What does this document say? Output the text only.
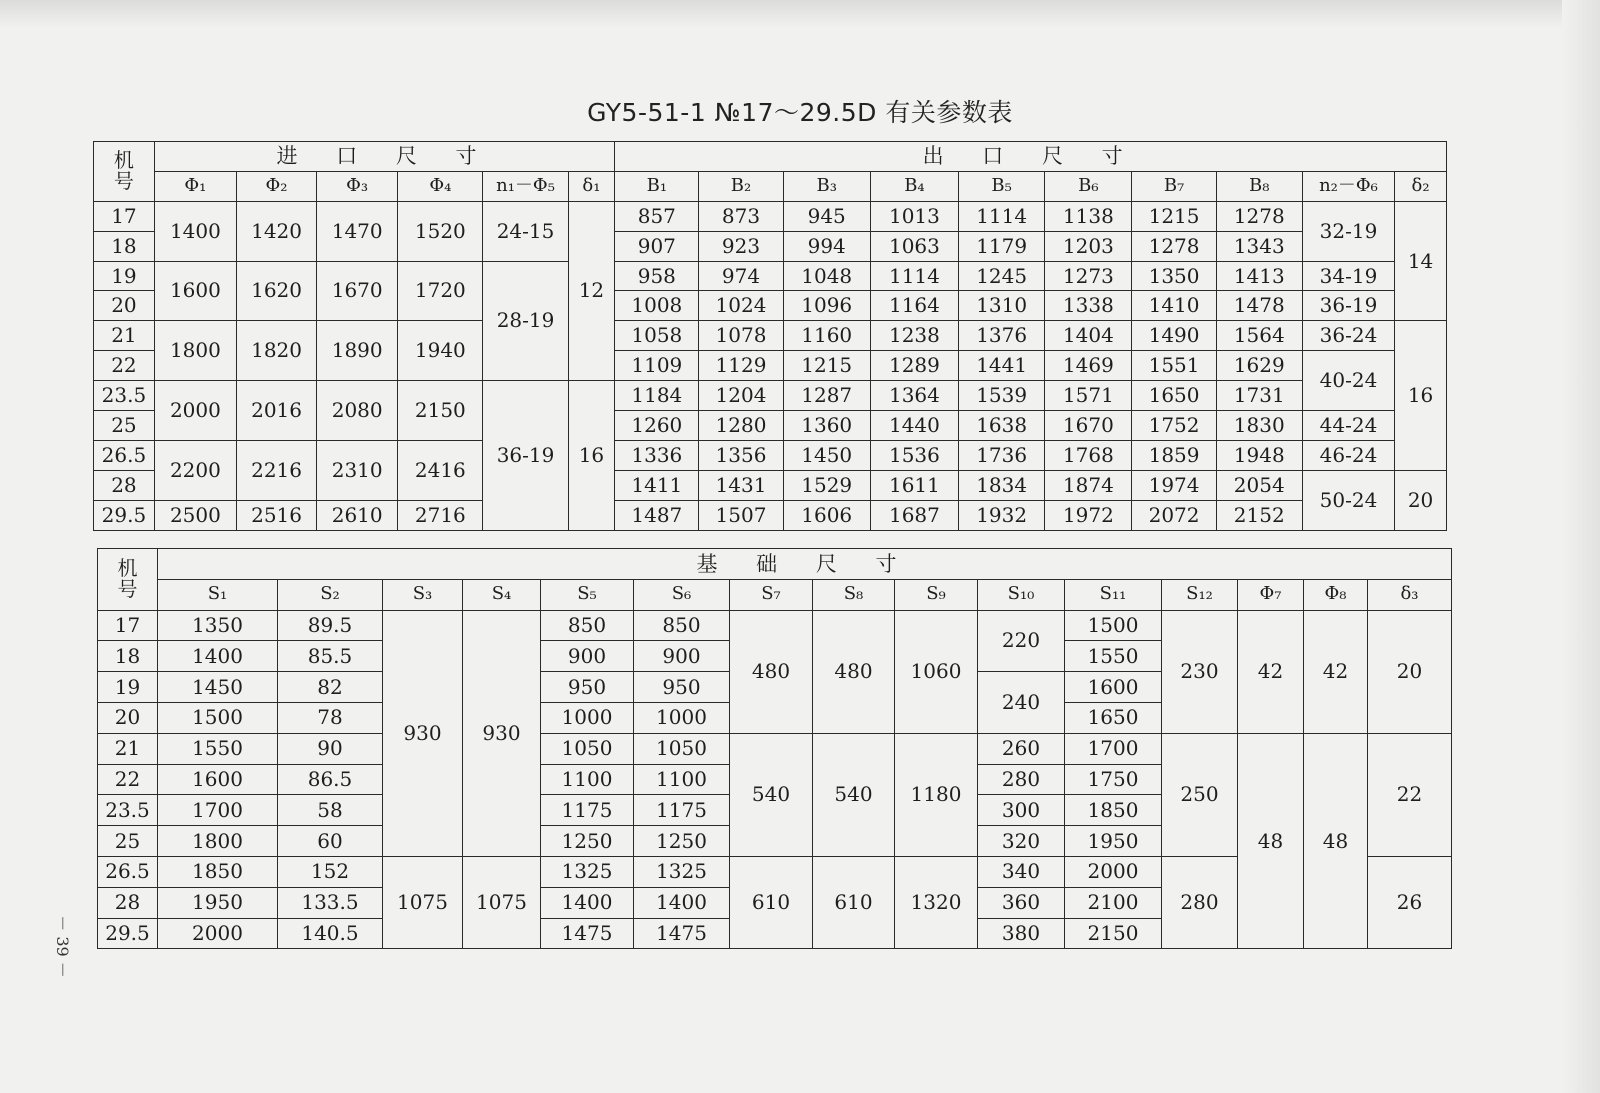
GY5-51-1 №17～29.5D 有关参数表
机
号	进 口 尺 寸						出 口 尺 寸									
	Φ₁	Φ₂	Φ₃	Φ₄	n₁－Φ₅	δ₁	B₁	B₂	B₃	B₄	B₅	B₆	B₇	B₈	n₂－Φ₆	δ₂
17	1400	1420	1470	1520	24-15	12	857	873	945	1013	1114	1138	1215	1278	32-19	14
18							907	923	994	1063	1179	1203	1278	1343		
19	1600	1620	1670	1720	28-19		958	974	1048	1114	1245	1273	1350	1413	34-19	
20							1008	1024	1096	1164	1310	1338	1410	1478	36-19	
21	1800	1820	1890	1940			1058	1078	1160	1238	1376	1404	1490	1564	36-24	16
22							1109	1129	1215	1289	1441	1469	1551	1629	40-24	
23.5	2000	2016	2080	2150	36-19	16	1184	1204	1287	1364	1539	1571	1650	1731		
25							1260	1280	1360	1440	1638	1670	1752	1830	44-24	
26.5	2200	2216	2310	2416			1336	1356	1450	1536	1736	1768	1859	1948	46-24	
28							1411	1431	1529	1611	1834	1874	1974	2054	50-24	20
29.5	2500	2516	2610	2716			1487	1507	1606	1687	1932	1972	2072	2152		
机
号	基 础 尺 寸														
	S₁	S₂	S₃	S₄	S₅	S₆	S₇	S₈	S₉	S₁₀	S₁₁	S₁₂	Φ₇	Φ₈	δ₃
17	1350	89.5	930	930	850	850	480	480	1060	220	1500	230	42	42	20
18	1400	85.5			900	900					1550				
19	1450	82			950	950				240	1600				
20	1500	78			1000	1000					1650				
21	1550	90			1050	1050	540	540	1180	260	1700	250	48	48	22
22	1600	86.5			1100	1100				280	1750				
23.5	1700	58			1175	1175				300	1850				
25	1800	60			1250	1250				320	1950				
26.5	1850	152	1075	1075	1325	1325	610	610	1320	340	2000	280			26
28	1950	133.5			1400	1400				360	2100				
29.5	2000	140.5			1475	1475				380	2150				
－ 39 －
